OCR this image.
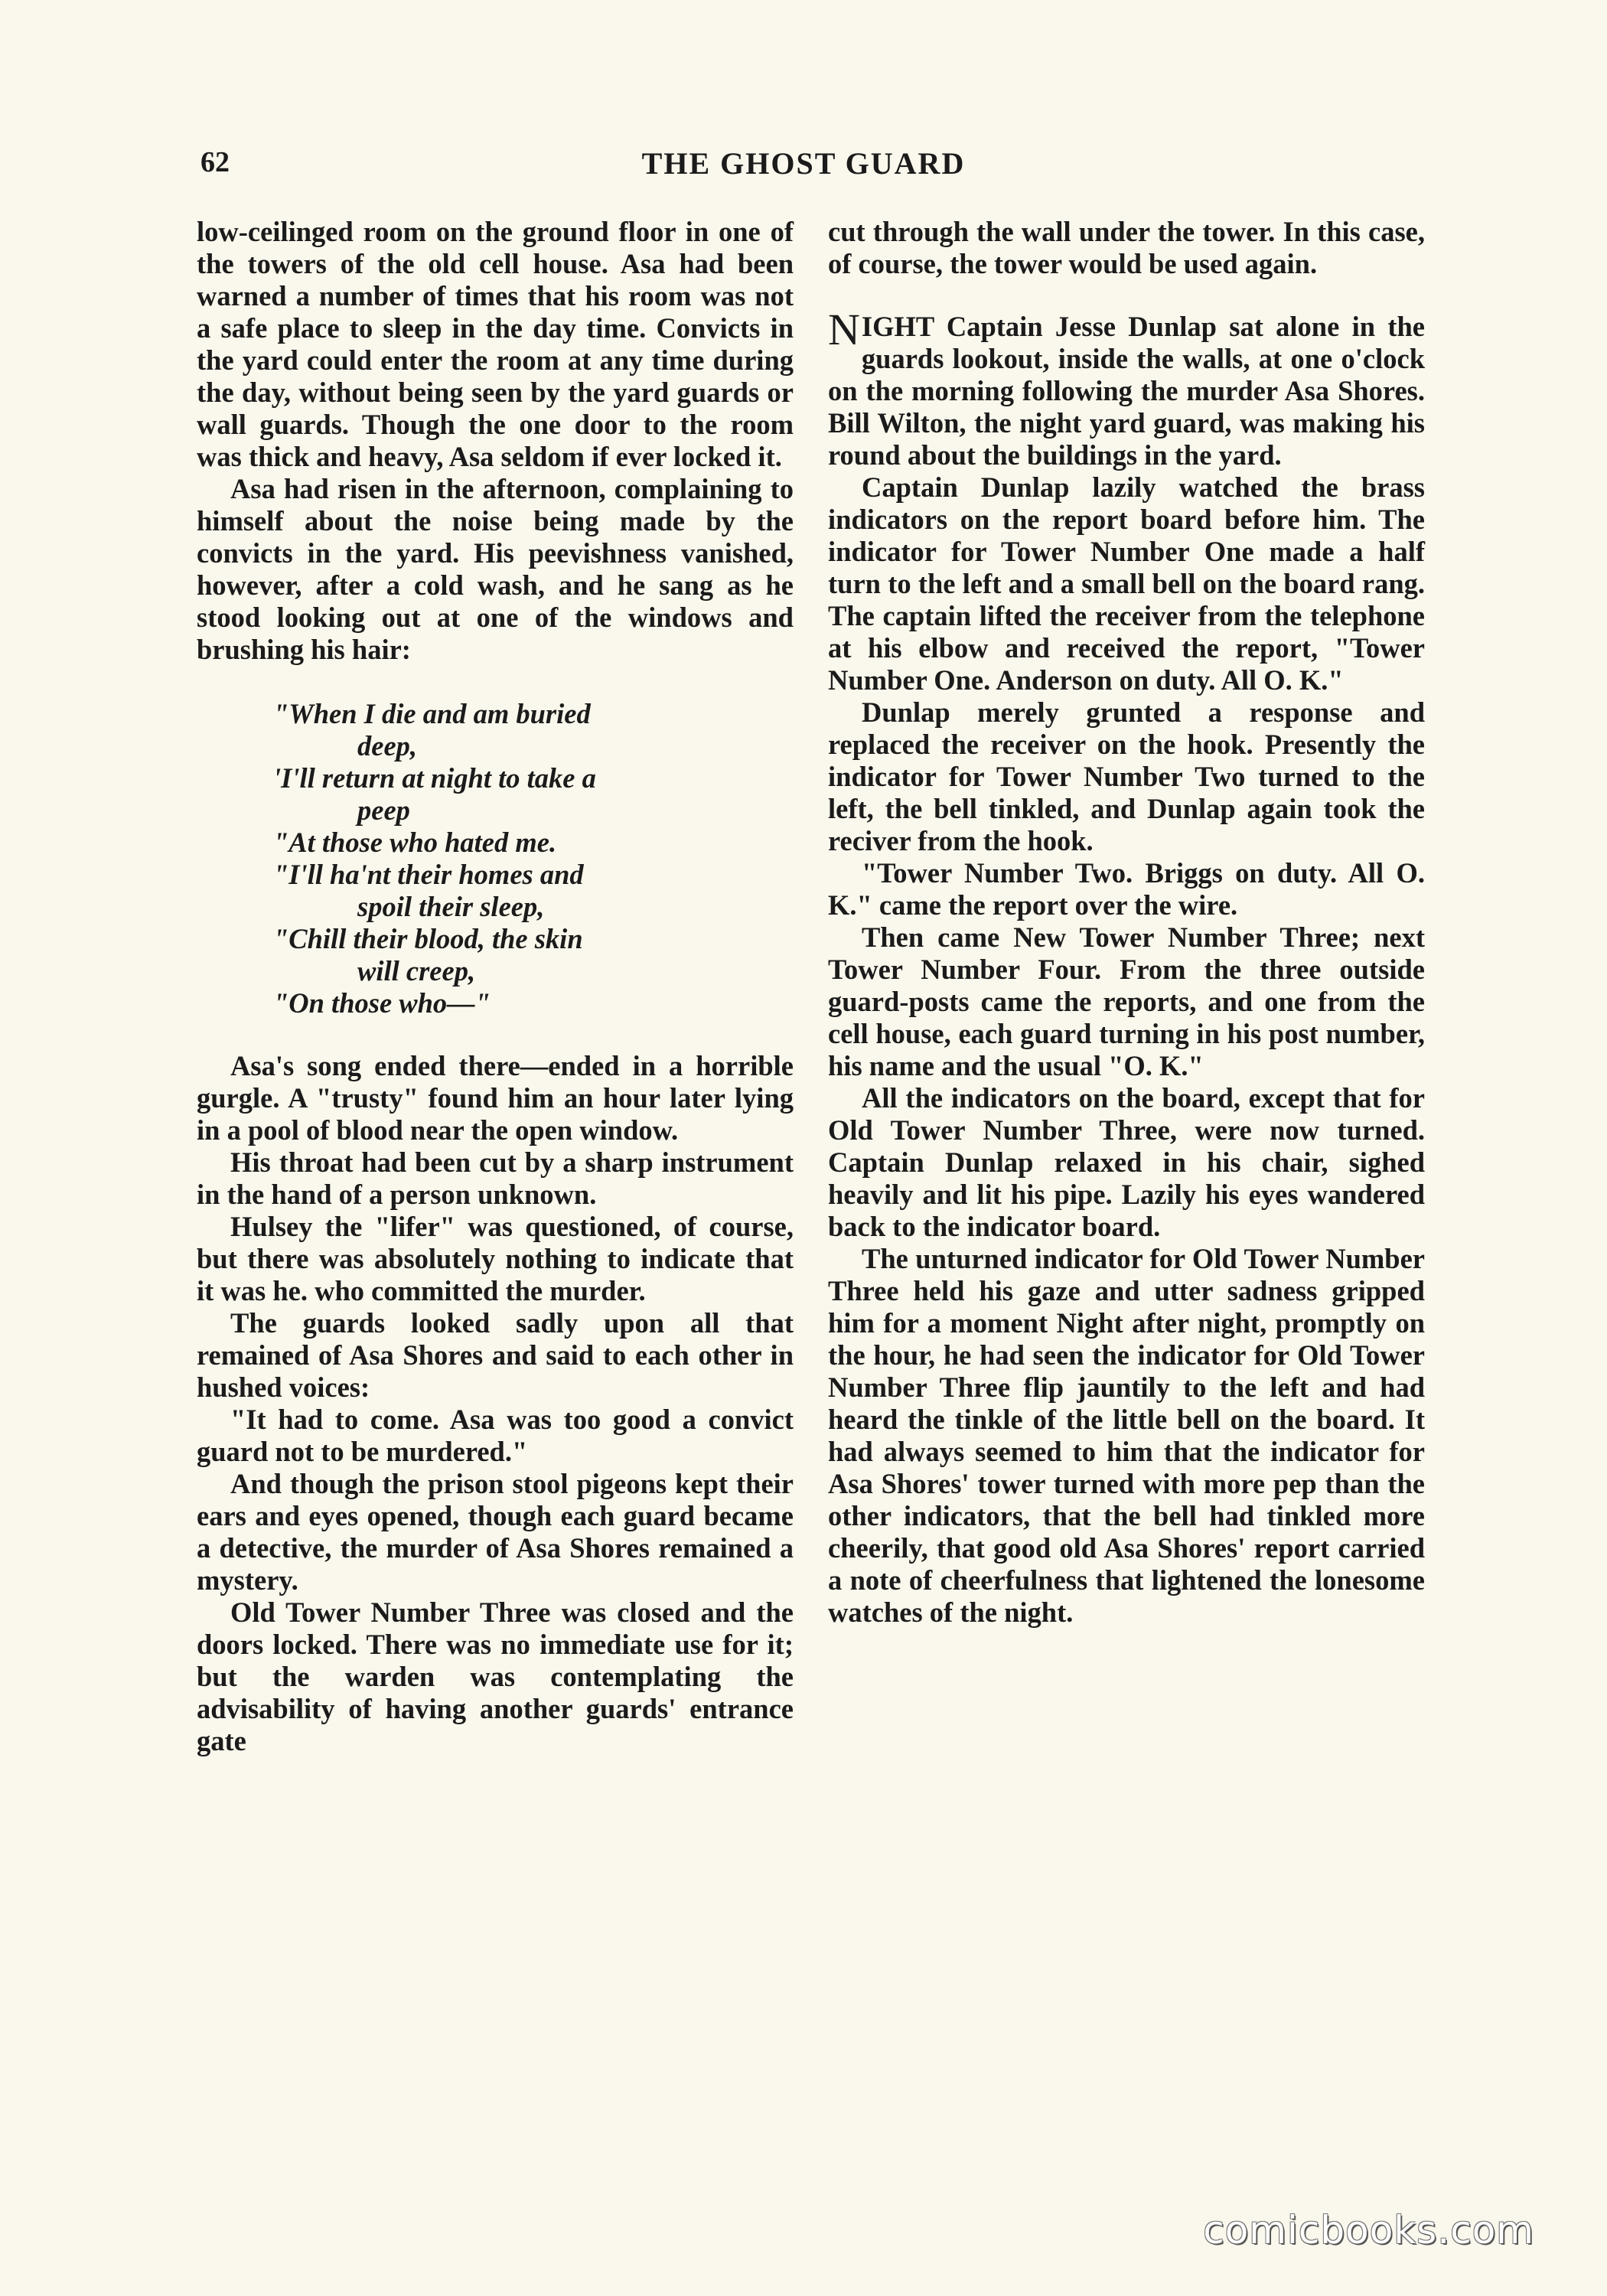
62	THE GHOST GUARD

low-ceilinged room on the ground floor in one of the towers of the old cell house. Asa had been warned a number of times that his room was not a safe place to sleep in the day time. Convicts in the yard could enter the room at any time during the day, without being seen by the yard guards or wall guards. Though the one door to the room was thick and heavy, Asa seldom if ever locked it.

Asa had risen in the afternoon, complaining to himself about the noise being made by the convicts in the yard. His peevishness vanished, however, after a cold wash, and he sang as he stood looking out at one of the windows and brushing his hair:

"When I die and am buried
deep,
'I'll return at night to take a
peep
"At those who hated me.
"I'll ha'nt their homes and
spoil their sleep,
"Chill their blood, the skin
will creep,
"On those who—"

Asa's song ended there—ended in a horrible gurgle. A "trusty" found him an hour later lying in a pool of blood near the open window.

His throat had been cut by a sharp instrument in the hand of a person unknown.

Hulsey the "lifer" was questioned, of course, but there was absolutely nothing to indicate that it was he. who committed the murder.

The guards looked sadly upon all that remained of Asa Shores and said to each other in hushed voices:

"It had to come. Asa was too good a convict guard not to be murdered."

And though the prison stool pigeons kept their ears and eyes opened, though each guard became a detective, the murder of Asa Shores remained a mystery.

Old Tower Number Three was closed and the doors locked. There was no immediate use for it; but the warden was contemplating the advisability of having another guards' entrance gate

cut through the wall under the tower. In this case, of course, the tower would be used again.

NIGHT Captain Jesse Dunlap sat alone in the guards lookout, inside the walls, at one o'clock on the morning following the murder Asa Shores. Bill Wilton, the night yard guard, was making his round about the buildings in the yard.

Captain Dunlap lazily watched the brass indicators on the report board before him. The indicator for Tower Number One made a half turn to the left and a small bell on the board rang. The captain lifted the receiver from the telephone at his elbow and received the report, "Tower Number One. Anderson on duty. All O. K."

Dunlap merely grunted a response and replaced the receiver on the hook. Presently the indicator for Tower Number Two turned to the left, the bell tinkled, and Dunlap again took the reciver from the hook.

"Tower Number Two. Briggs on duty. All O. K." came the report over the wire.

Then came New Tower Number Three; next Tower Number Four. From the three outside guard-posts came the reports, and one from the cell house, each guard turning in his post number, his name and the usual "O. K."

All the indicators on the board, except that for Old Tower Number Three, were now turned. Captain Dunlap relaxed in his chair, sighed heavily and lit his pipe. Lazily his eyes wandered back to the indicator board.

The unturned indicator for Old Tower Number Three held his gaze and utter sadness gripped him for a moment Night after night, promptly on the hour, he had seen the indicator for Old Tower Number Three flip jauntily to the left and had heard the tinkle of the little bell on the board. It had always seemed to him that the indicator for Asa Shores' tower turned with more pep than the other indicators, that the bell had tinkled more cheerily, that good old Asa Shores' report carried a note of cheerfulness that lightened the lonesome watches of the night.

comicbooks.com
